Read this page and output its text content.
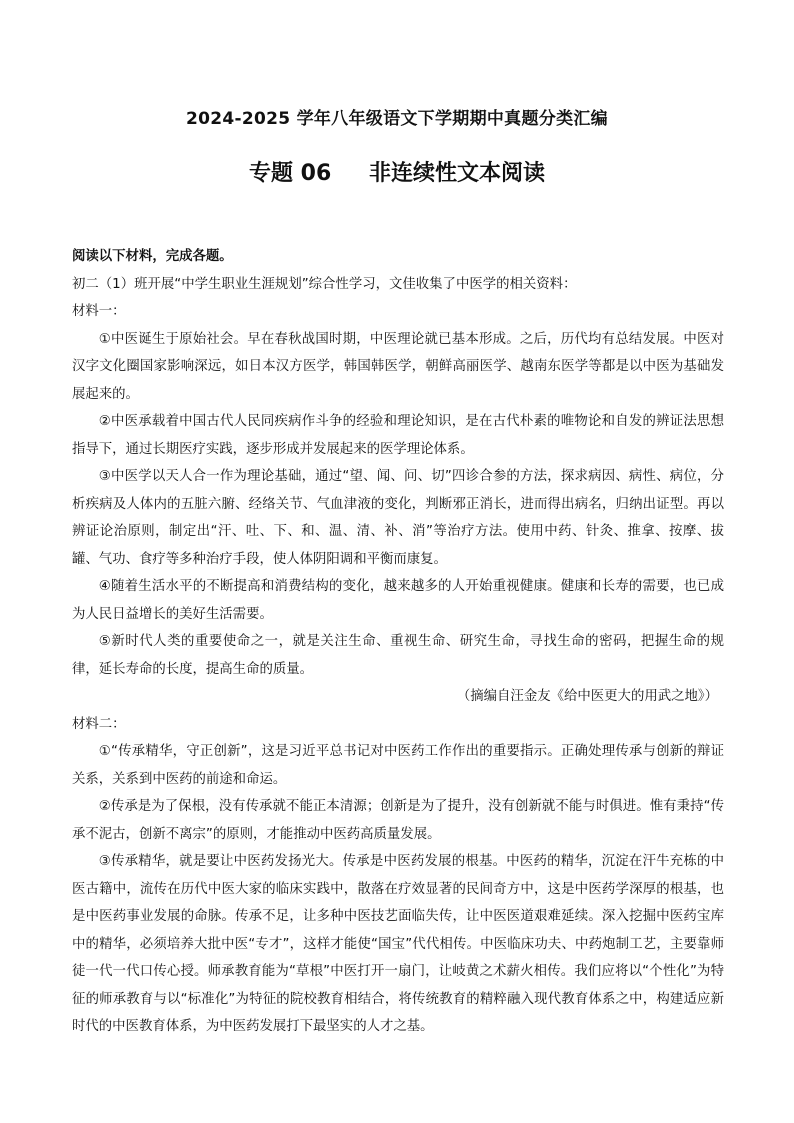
2024-2025 学年八年级语文下学期期中真题分类汇编
专题 06 非连续性文本阅读
阅读以下材料，完成各题。
初二（1）班开展“中学生职业生涯规划”综合性学习，文佳收集了中医学的相关资料：
材料一：
①中医诞生于原始社会。早在春秋战国时期，中医理论就已基本形成。之后，历代均有总结发展。中医对汉字文化圈国家影响深远，如日本汉方医学，韩国韩医学，朝鲜高丽医学、越南东医学等都是以中医为基础发展起来的。
②中医承载着中国古代人民同疾病作斗争的经验和理论知识，是在古代朴素的唯物论和自发的辨证法思想指导下，通过长期医疗实践，逐步形成并发展起来的医学理论体系。
③中医学以天人合一作为理论基础，通过“望、闻、问、切”四诊合参的方法，探求病因、病性、病位，分析疾病及人体内的五脏六腑、经络关节、气血津液的变化，判断邪正消长，进而得出病名，归纳出证型。再以辨证论治原则，制定出“汗、吐、下、和、温、清、补、消”等治疗方法。使用中药、针灸、推拿、按摩、拔罐、气功、食疗等多种治疗手段，使人体阴阳调和平衡而康复。
④随着生活水平的不断提高和消费结构的变化，越来越多的人开始重视健康。健康和长寿的需要，也已成为人民日益增长的美好生活需要。
⑤新时代人类的重要使命之一，就是关注生命、重视生命、研究生命，寻找生命的密码，把握生命的规律，延长寿命的长度，提高生命的质量。
（摘编自汪金友《给中医更大的用武之地》）
材料二：
①“传承精华，守正创新”，这是习近平总书记对中医药工作作出的重要指示。正确处理传承与创新的辩证关系，关系到中医药的前途和命运。
②传承是为了保根，没有传承就不能正本清源；创新是为了提升，没有创新就不能与时俱进。惟有秉持“传承不泥古，创新不离宗”的原则，才能推动中医药高质量发展。
③传承精华，就是要让中医药发扬光大。传承是中医药发展的根基。中医药的精华，沉淀在汗牛充栋的中医古籍中，流传在历代中医大家的临床实践中，散落在疗效显著的民间奇方中，这是中医药学深厚的根基，也是中医药事业发展的命脉。传承不足，让多种中医技艺面临失传，让中医医道艰难延续。深入挖掘中医药宝库中的精华，必须培养大批中医“专才”，这样才能使“国宝”代代相传。中医临床功夫、中药炮制工艺，主要靠师徒一代一代口传心授。师承教育能为“草根”中医打开一扇门，让岐黄之术薪火相传。我们应将以“个性化”为特征的师承教育与以“标准化”为特征的院校教育相结合，将传统教育的精粹融入现代教育体系之中，构建适应新时代的中医教育体系，为中医药发展打下最坚实的人才之基。
